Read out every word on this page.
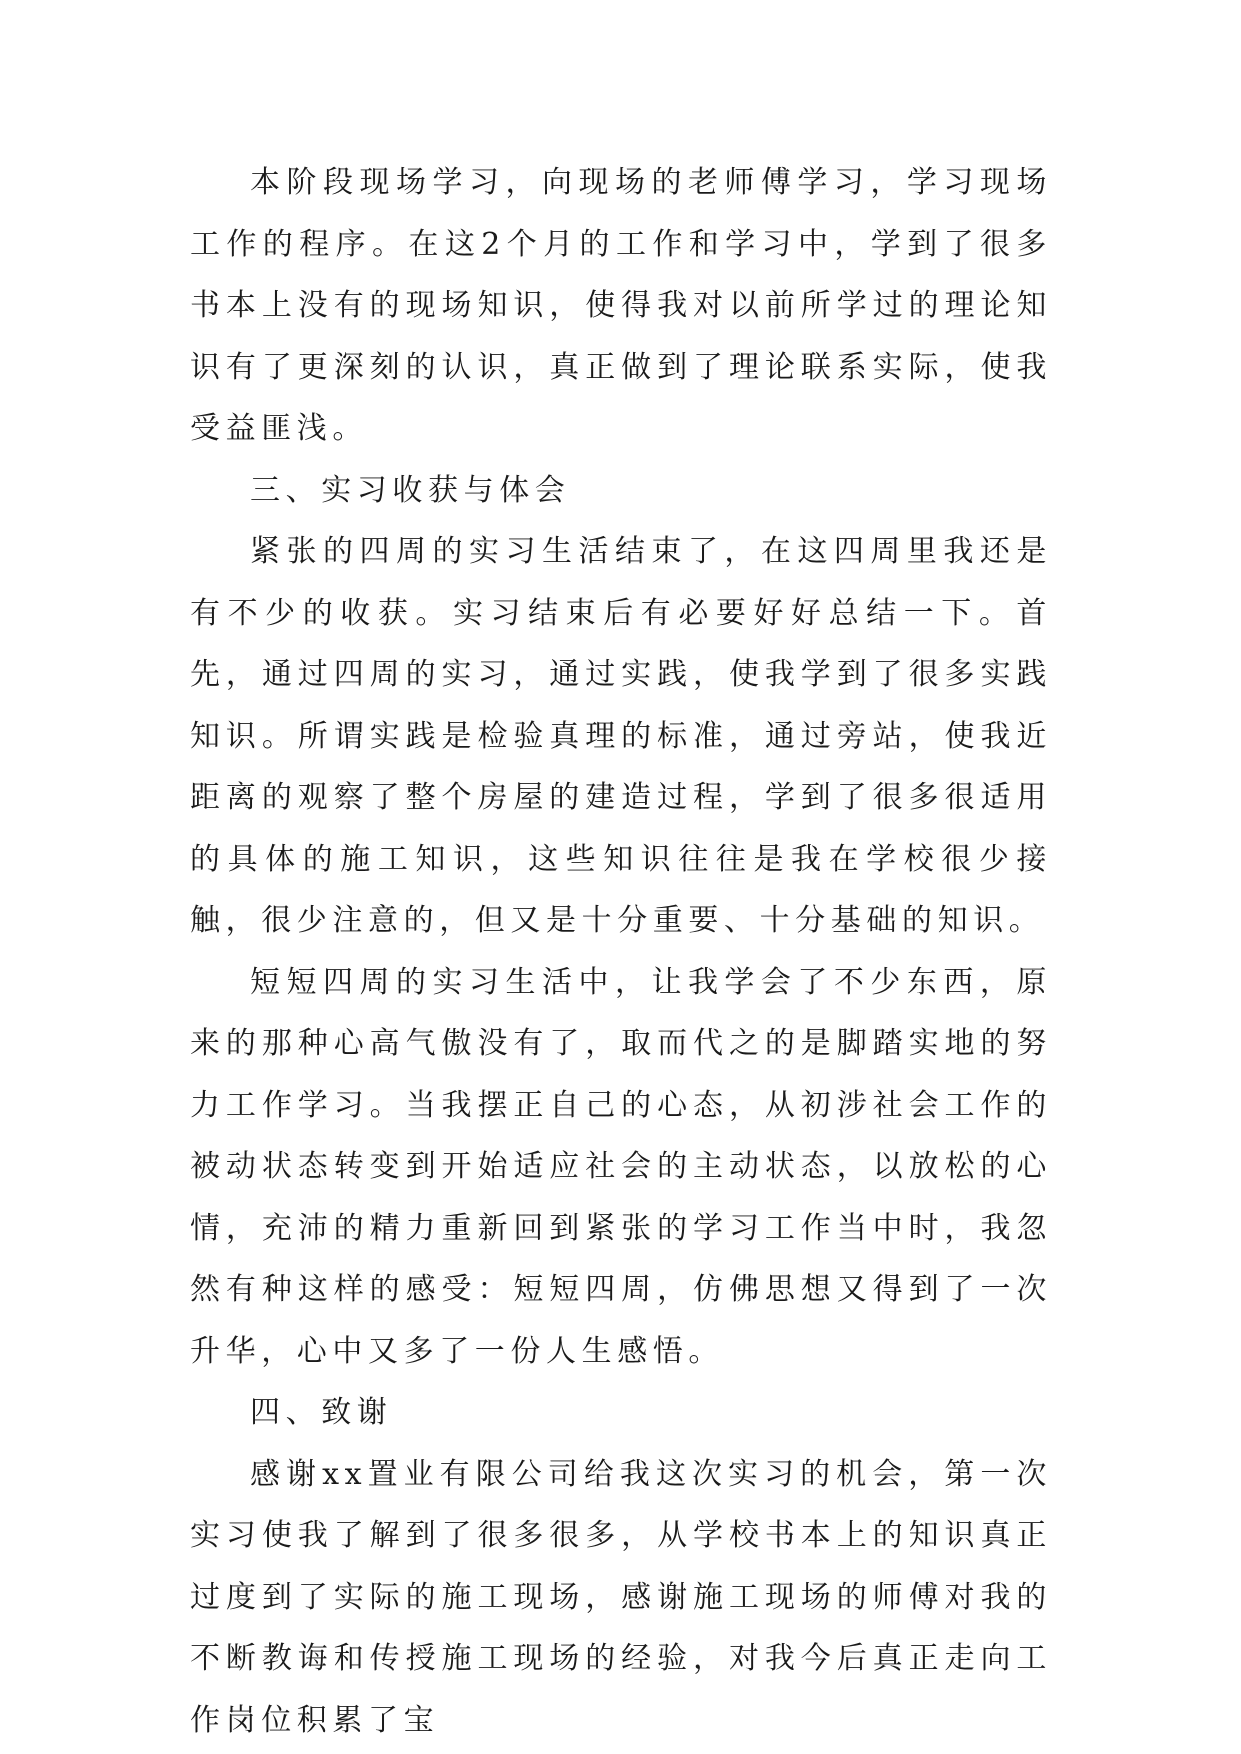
本阶段现场学习，向现场的老师傅学习，学习现场工作的程序。在这2个月的工作和学习中，学到了很多书本上没有的现场知识，使得我对以前所学过的理论知识有了更深刻的认识，真正做到了理论联系实际，使我受益匪浅。

三、实习收获与体会

紧张的四周的实习生活结束了，在这四周里我还是有不少的收获。实习结束后有必要好好总结一下。首先，通过四周的实习，通过实践，使我学到了很多实践知识。所谓实践是检验真理的标准，通过旁站，使我近距离的观察了整个房屋的建造过程，学到了很多很适用的具体的施工知识，这些知识往往是我在学校很少接触，很少注意的，但又是十分重要、十分基础的知识。

短短四周的实习生活中，让我学会了不少东西，原来的那种心高气傲没有了，取而代之的是脚踏实地的努力工作学习。当我摆正自己的心态，从初涉社会工作的被动状态转变到开始适应社会的主动状态，以放松的心情，充沛的精力重新回到紧张的学习工作当中时，我忽然有种这样的感受：短短四周，仿佛思想又得到了一次升华，心中又多了一份人生感悟。

四、致谢

感谢xx置业有限公司给我这次实习的机会，第一次实习使我了解到了很多很多，从学校书本上的知识真正过度到了实际的施工现场，感谢施工现场的师傅对我的不断教诲和传授施工现场的经验，对我今后真正走向工作岗位积累了宝
